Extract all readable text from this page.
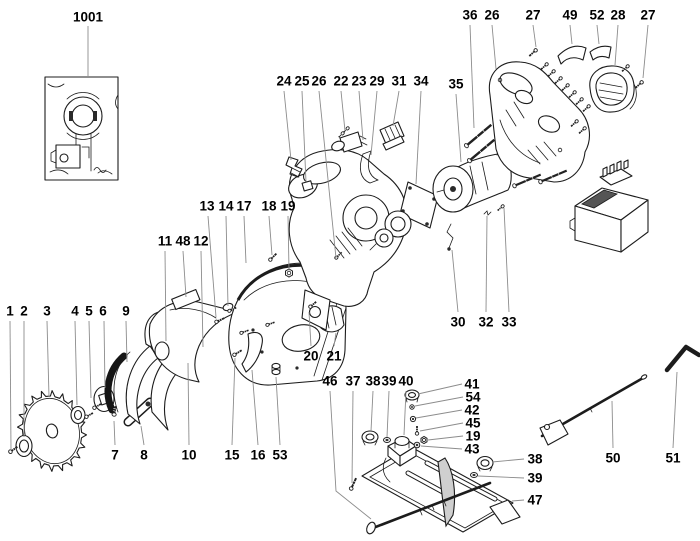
1001
1 2 3 4 5 6 9
7 8
11 48 12
13 14 17 18 19
20 21
10 15 16 53
24 25 26 22 23 29 31 34 35
36 26 27 49 52 28 27
30 32 33
46 37 38 39 40	41
54
42
45
19
43
38
39
47
50	51
